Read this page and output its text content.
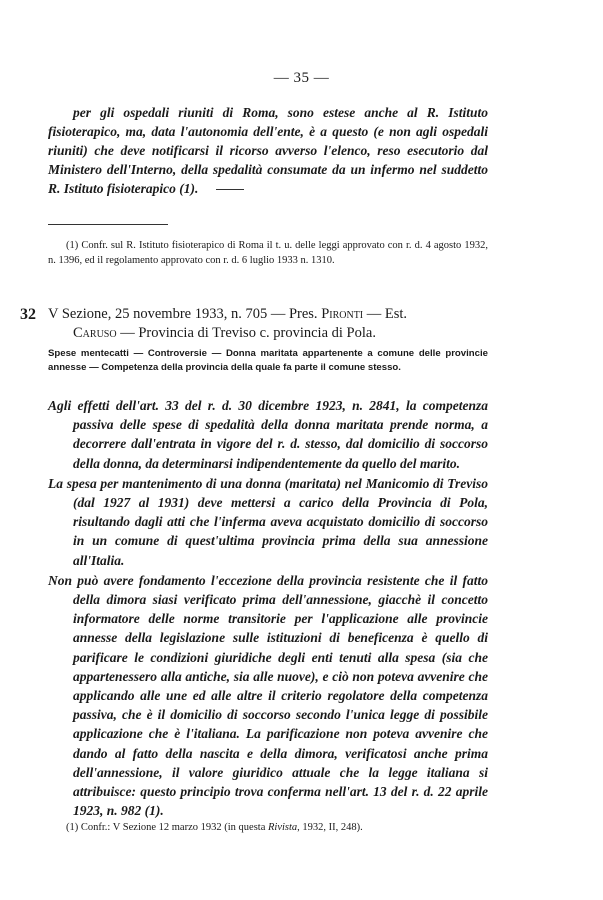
— 35 —

per gli ospedali riuniti di Roma, sono estese anche al R. Istituto fisioterapico, ma, data l'autonomia dell'ente, è a questo (e non agli ospedali riuniti) che deve notificarsi il ricorso avverso l'elenco, reso esecutorio dal Ministero dell'Interno, della spedalità consumate da un infermo nel suddetto R. Istituto fisioterapico (1).

(1) Confr. sul R. Istituto fisioterapico di Roma il t. u. delle leggi approvato con r. d. 4 agosto 1932, n. 1396, ed il regolamento approvato con r. d. 6 luglio 1933 n. 1310.

32 V Sezione, 25 novembre 1933, n. 705 — Pres. Pironti — Est.
Caruso — Provincia di Treviso c. provincia di Pola.

Spese mentecatti — Controversie — Donna maritata appartenente a comune delle provincie annesse — Competenza della provincia della quale fa parte il comune stesso.

Agli effetti dell'art. 33 del r. d. 30 dicembre 1923, n. 2841, la competenza passiva delle spese di spedalità della donna maritata prende norma, a decorrere dall'entrata in vigore del r. d. stesso, dal domicilio di soccorso della donna, da determinarsi indipendentemente da quello del marito.
La spesa per mantenimento di una donna (maritata) nel Manicomio di Treviso (dal 1927 al 1931) deve mettersi a carico della Provincia di Pola, risultando dagli atti che l'inferma aveva acquistato domicilio di soccorso in un comune di quest'ultima provincia prima della sua annessione all'Italia.
Non può avere fondamento l'eccezione della provincia resistente che il fatto della dimora siasi verificato prima dell'annessione, giacchè il concetto informatore delle norme transitorie per l'applicazione alle provincie annesse della legislazione sulle istituzioni di beneficenza è quello di parificare le condizioni giuridiche degli enti tenuti alla spesa (sia che appartenessero alla antiche, sia alle nuove), e ciò non poteva avvenire che applicando alle une ed alle altre il criterio regolatore della competenza passiva, che è il domicilio di soccorso secondo l'unica legge di possibile applicazione che è l'italiana. La parificazione non poteva avvenire che dando al fatto della nascita e della dimora, verificatosi anche prima dell'annessione, il valore giuridico attuale che la legge italiana si attribuisce: questo principio trova conferma nell'art. 13 del r. d. 22 aprile 1923, n. 982 (1).

(1) Confr.: V Sezione 12 marzo 1932 (in questa Rivista, 1932, II, 248).
